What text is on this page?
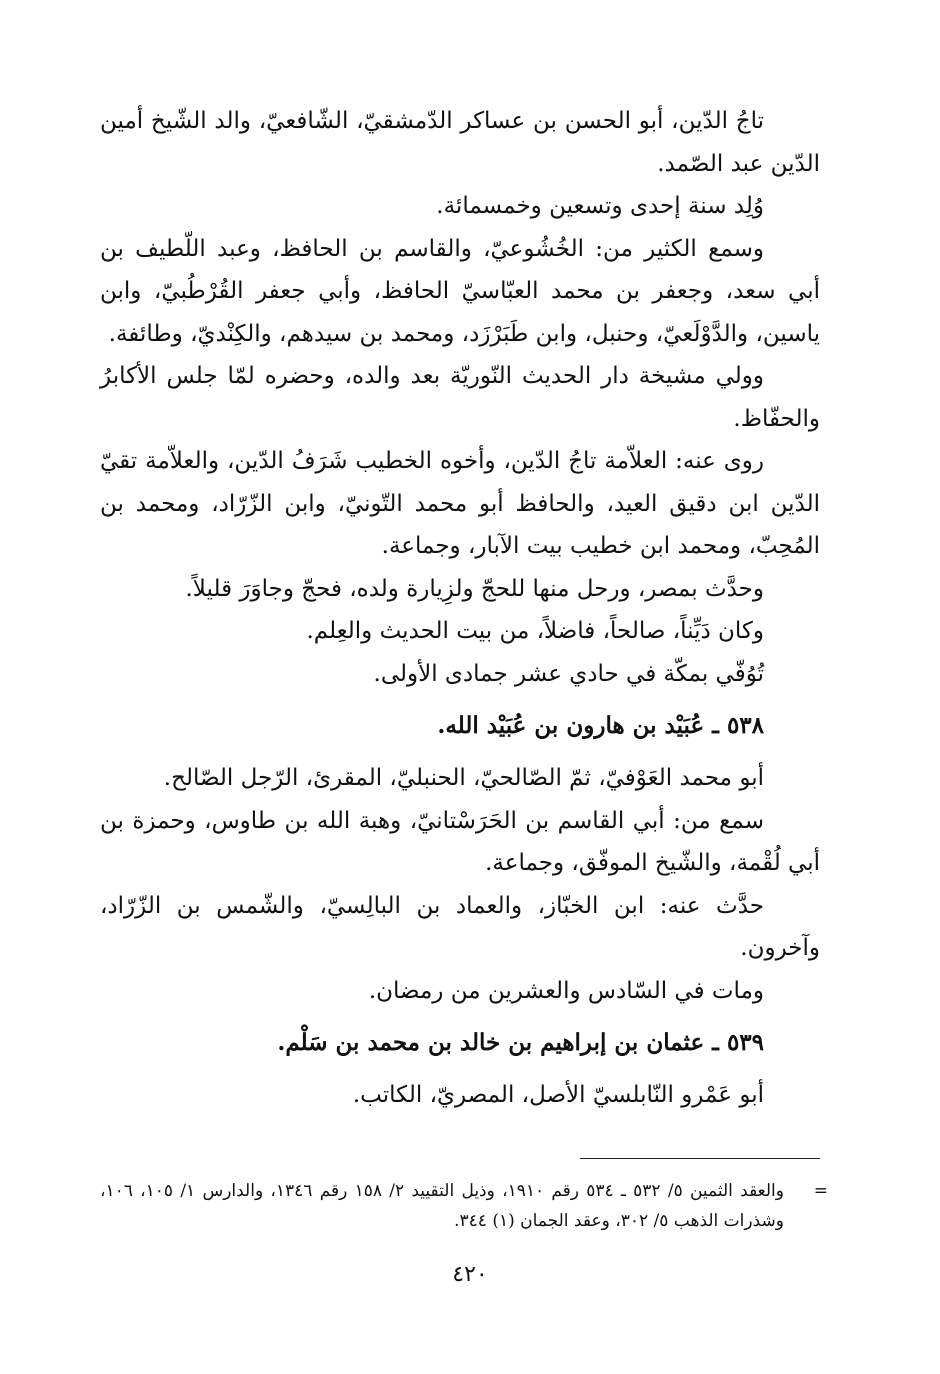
تاجُ الدّين، أبو الحسن بن عساكر الدّمشقيّ، الشّافعيّ، والد الشّيخ أمين الدّين عبد الصّمد.

وُلِد سنة إحدى وتسعين وخمسمائة.

وسمع الكثير من: الخُشُوعيّ، والقاسم بن الحافظ، وعبد اللّطيف بن أبي سعد، وجعفر بن محمد العبّاسيّ الحافظ، وأبي جعفر القُرْطُبيّ، وابن ياسين، والدَّوْلَعيّ، وحنبل، وابن طَبَرْزَد، ومحمد بن سيدهم، والكِنْديّ، وطائفة.

وولي مشيخة دار الحديث النّوريّة بعد والده، وحضره لمّا جلس الأكابرُ والحفّاظ.

روى عنه: العلاّمة تاجُ الدّين، وأخوه الخطيب شَرَفُ الدّين، والعلاّمة تقيّ الدّين ابن دقيق العيد، والحافظ أبو محمد التّونيّ، وابن الزّرّاد، ومحمد بن المُحِبّ، ومحمد ابن خطيب بيت الآبار، وجماعة.

وحدَّث بمصر، ورحل منها للحجّ ولزِيارة ولده، فحجّ وجاوَرَ قليلاً.

وكان دَيِّناً، صالحاً، فاضلاً، من بيت الحديث والعِلم.

تُوُفّي بمكّة في حادي عشر جمادى الأولى.

٥٣٨ ـ عُبَيْد بن هارون بن عُبَيْد الله.

أبو محمد العَوْفيّ، ثمّ الصّالحيّ، الحنبليّ، المقرئ، الرّجل الصّالح.

سمع من: أبي القاسم بن الحَرَسْتانيّ، وهبة الله بن طاوس، وحمزة بن أبي لُقْمة، والشّيخ الموفّق، وجماعة.

حدَّث عنه: ابن الخبّاز، والعماد بن البالِسيّ، والشّمس بن الزّرّاد، وآخرون.

ومات في السّادس والعشرين من رمضان.

٥٣٩ ـ عثمان بن إبراهيم بن خالد بن محمد بن سَلْم.

أبو عَمْرو النّابلسيّ الأصل، المصريّ، الكاتب.

=

والعقد الثمين ٥/ ٥٣٢ ـ ٥٣٤ رقم ١٩١٠، وذيل التقييد ٢/ ١٥٨ رقم ١٣٤٦، والدارس ١/ ١٠٥، ١٠٦، وشذرات الذهب ٥/ ٣٠٢، وعقد الجمان (١) ٣٤٤.

٤٢٠
